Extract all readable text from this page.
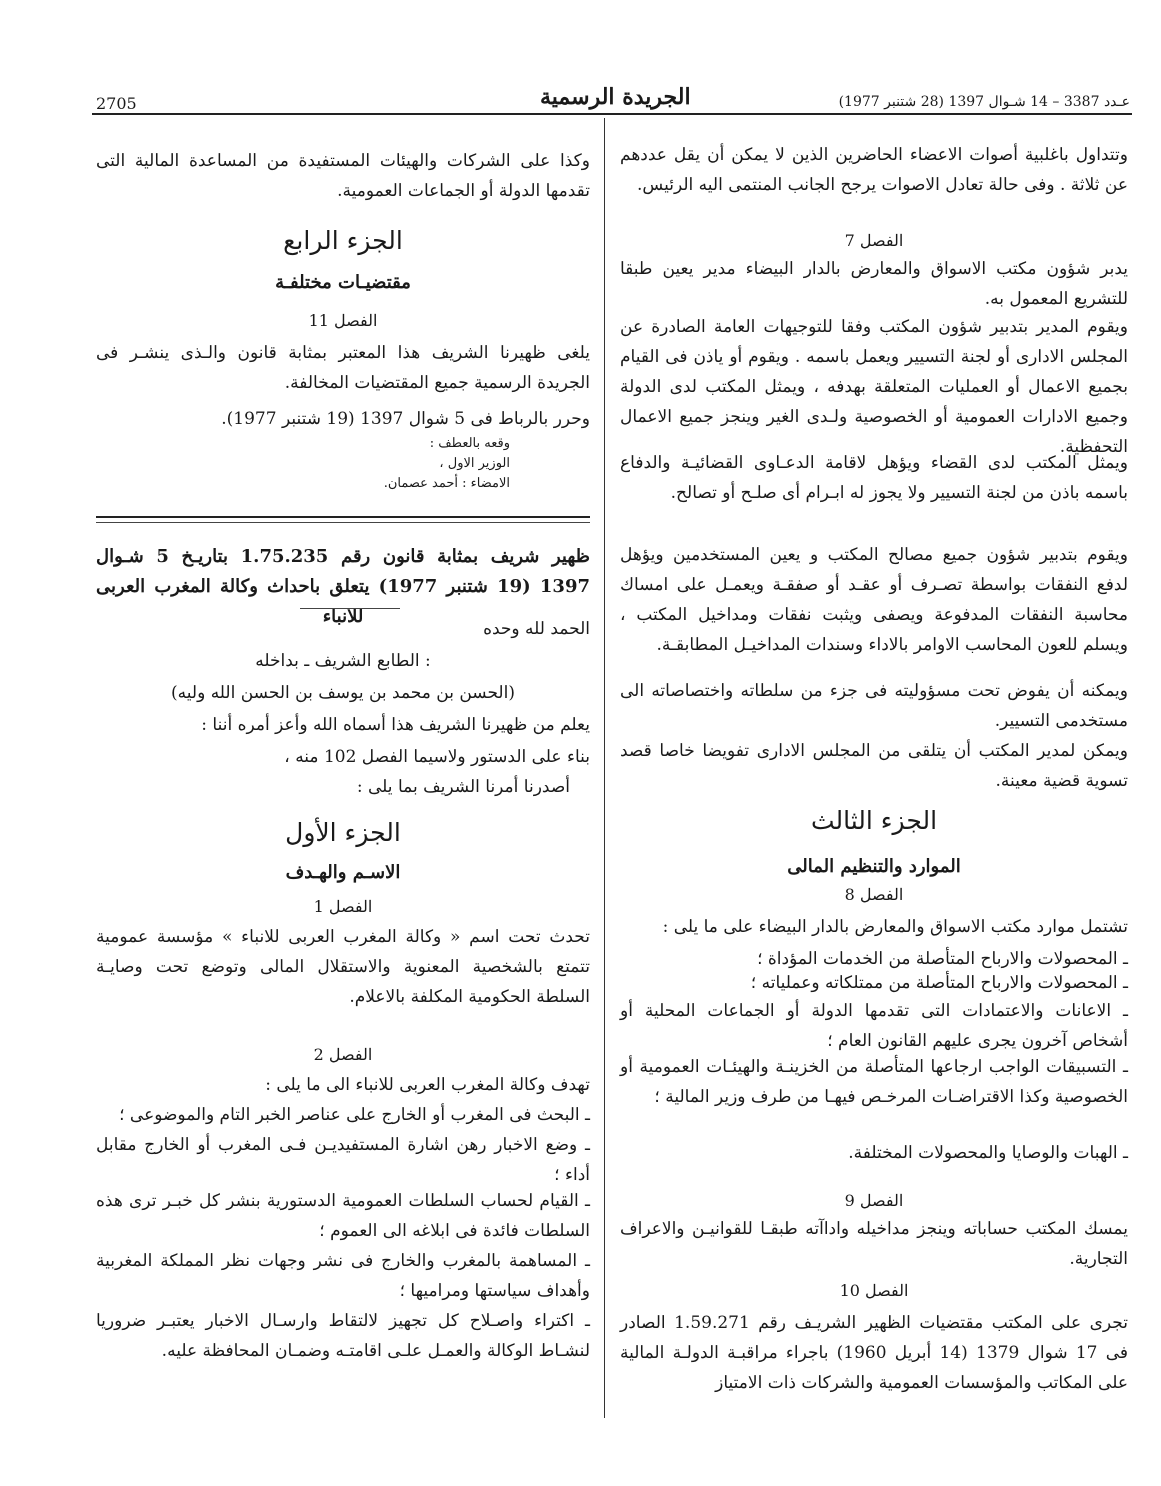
2705	الجريدة الرسمية	عـدد 3387 – 14 شـوال 1397 (28 شتنبر 1977)
وتتداول باغلبية أصوات الاعضاء الحاضرين الذين لا يمكن أن يقل عددهم عن ثلاثة . وفى حالة تعادل الاصوات يرجح الجانب المنتمى اليه الرئيس.
الفصل 7
يدبر شؤون مكتب الاسواق والمعارض بالدار البيضاء مدير يعين طبقا للتشريع المعمول به.
ويقوم المدير بتدبير شؤون المكتب وفقا للتوجيهات العامة الصادرة عن المجلس الادارى أو لجنة التسيير ويعمل باسمه . ويقوم أو ياذن فى القيام بجميع الاعمال أو العمليات المتعلقة بهدفه ، ويمثل المكتب لدى الدولة وجميع الادارات العمومية أو الخصوصية ولـدى الغير وينجز جميع الاعمال التحفظية.
ويمثل المكتب لدى القضاء ويؤهل لاقامة الدعـاوى القضائيـة والدفاع باسمه باذن من لجنة التسيير ولا يجوز له ابـرام أى صلـح أو تصالح.
ويقوم بتدبير شؤون جميع مصالح المكتب و يعين المستخدمين ويؤهل لدفع النفقات بواسطة تصـرف أو عقـد أو صفقـة ويعمـل على امساك محاسبة النفقات المدفوعة ويصفى ويثبت نفقات ومداخيل المكتب ، ويسلم للعون المحاسب الاوامر بالاداء وسندات المداخيـل المطابقـة.
ويمكنه أن يفوض تحت مسؤوليته فى جزء من سلطاته واختصاصاته الى مستخدمى التسيير.
ويمكن لمدير المكتب أن يتلقى من المجلس الادارى تفويضا خاصا قصد تسوية قضية معينة.
الجزء الثالث
الموارد والتنظيم المالى
الفصل 8
تشتمل موارد مكتب الاسواق والمعارض بالدار البيضاء على ما يلى :
ـ المحصولات والارباح المتأصلة من الخدمات المؤداة ؛
ـ المحصولات والارباح المتأصلة من ممتلكاته وعملياته ؛
ـ الاعانات والاعتمادات التى تقدمها الدولة أو الجماعات المحلية أو أشخاص آخرون يجرى عليهم القانون العام ؛
ـ التسبيقات الواجب ارجاعها المتأصلة من الخزينـة والهيئـات العمومية أو الخصوصية وكذا الاقتراضـات المرخـص فيهـا من طرف وزير المالية ؛
ـ الهبات والوصايا والمحصولات المختلفة.
الفصل 9
يمسك المكتب حساباته وينجز مداخيله واداآته طبقـا للقوانيـن والاعراف التجارية.
الفصل 10
تجرى على المكتب مقتضيات الظهير الشريـف رقم 1.59.271 الصادر فى 17 شوال 1379 (14 أبريل 1960) باجراء مراقبـة الدولـة المالية على المكاتب والمؤسسات العمومية والشركات ذات الامتياز
وكذا على الشركات والهيئات المستفيدة من المساعدة المالية التى تقدمها الدولة أو الجماعات العمومية.
الجزء الرابع
مقتضيـات مختلفـة
الفصل 11
يلغى ظهيرنا الشريف هذا المعتبر بمثابة قانون والـذى ينشـر فى الجريدة الرسمية جميع المقتضيات المخالفة.
وحرر بالرباط فى 5 شوال 1397 (19 شتنبر 1977).
وقعه بالعطف :
الوزير الاول ،
الامضاء : أحمد عصمان.
ظهير شريف بمثابة قانون رقم 1.75.235 بتاريـخ 5 شـوال 1397 (19 شتنبر 1977) يتعلق باحداث وكالة المغرب العربى للانباء
الحمد لله وحده
الطابع الشريف ـ بداخله :
(الحسن بن محمد بن يوسف بن الحسن الله وليه)
يعلم من ظهيرنا الشريف هذا أسماه الله وأعز أمره أننا :
بناء على الدستور ولاسيما الفصل 102 منه ،
أصدرنا أمرنا الشريف بما يلى :
الجزء الأول
الاسـم والهـدف
الفصل 1
تحدث تحت اسم « وكالة المغرب العربى للانباء » مؤسسة عمومية تتمتع بالشخصية المعنوية والاستقلال المالى وتوضع تحت وصايـة السلطة الحكومية المكلفة بالاعلام.
الفصل 2
تهدف وكالة المغرب العربى للانباء الى ما يلى :
ـ البحث فى المغرب أو الخارج على عناصر الخبر التام والموضوعى ؛
ـ وضع الاخبار رهن اشارة المستفيديـن فـى المغرب أو الخارج مقابل أداء ؛
ـ القيام لحساب السلطات العمومية الدستورية بنشر كل خبـر ترى هذه السلطات فائدة فى ابلاغه الى العموم ؛
ـ المساهمة بالمغرب والخارج فى نشر وجهات نظر المملكة المغربية وأهداف سياستها ومراميها ؛
ـ اكتراء واصـلاح كل تجهيز لالتقاط وارسـال الاخبار يعتبـر ضروريا لنشـاط الوكالة والعمـل علـى اقامتـه وضمـان المحافظة عليه.
